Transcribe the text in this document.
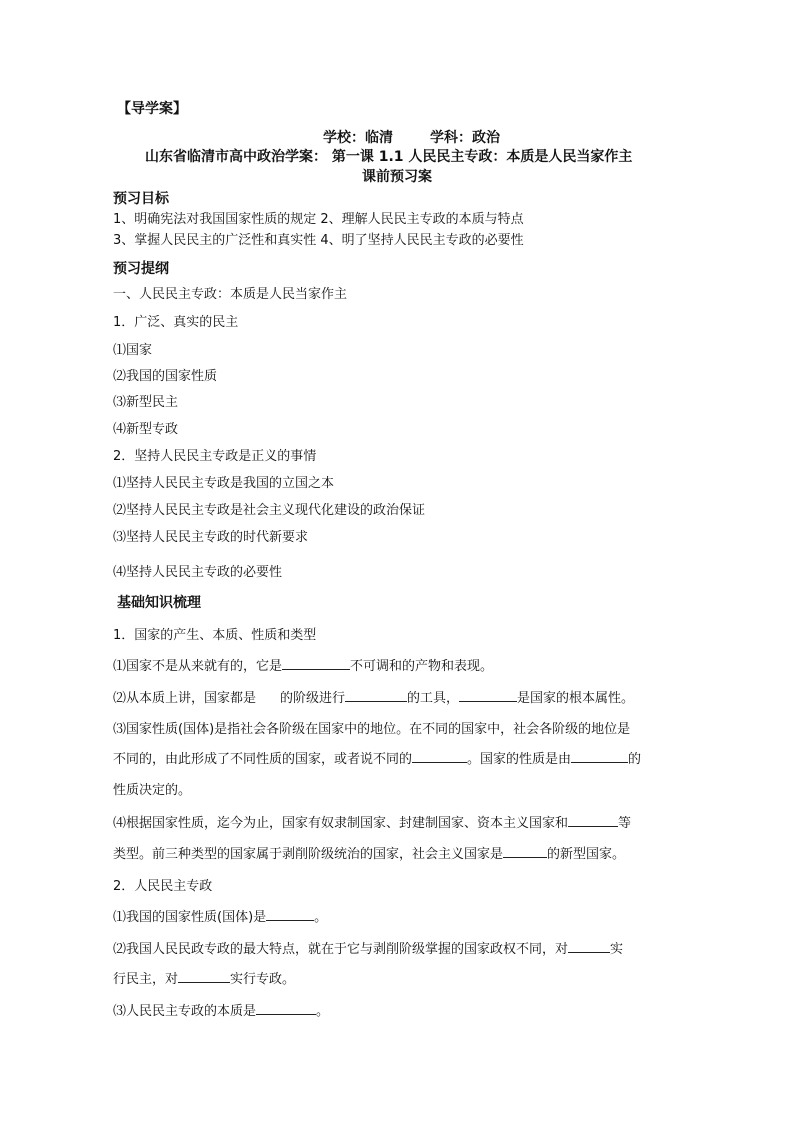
【导学案】
学校：临清	学科：政治
山东省临清市高中政治学案： 第一课 1.1 人民民主专政：本质是人民当家作主
课前预习案
预习目标
1、明确宪法对我国国家性质的规定 2、理解人民民主专政的本质与特点
3、掌握人民民主的广泛性和真实性 4、明了坚持人民民主专政的必要性
预习提纲
一、人民民主专政：本质是人民当家作主
1．广泛、真实的民主
⑴国家
⑵我国的国家性质
⑶新型民主
⑷新型专政
2．坚持人民民主专政是正义的事情
⑴坚持人民民主专政是我国的立国之本
⑵坚持人民民主专政是社会主义现代化建设的政治保证
⑶坚持人民民主专政的时代新要求
⑷坚持人民民主专政的必要性
基础知识梳理
1．国家的产生、本质、性质和类型
⑴国家不是从来就有的，它是	不可调和的产物和表现。
⑵从本质上讲，国家都是 的阶级进行	的工具，	是国家的根本属性。
⑶国家性质(国体)是指社会各阶级在国家中的地位。在不同的国家中，社会各阶级的地位是
不同的，由此形成了不同性质的国家，或者说不同的	。国家的性质是由	的
性质决定的。
⑷根据国家性质，迄今为止，国家有奴隶制国家、封建制国家、资本主义国家和	等
类型。前三种类型的国家属于剥削阶级统治的国家，社会主义国家是	的新型国家。
2．人民民主专政
⑴我国的国家性质(国体)是	。
⑵我国人民民政专政的最大特点，就在于它与剥削阶级掌握的国家政权不同，对	实
行民主，对	实行专政。
⑶人民民主专政的本质是	。
